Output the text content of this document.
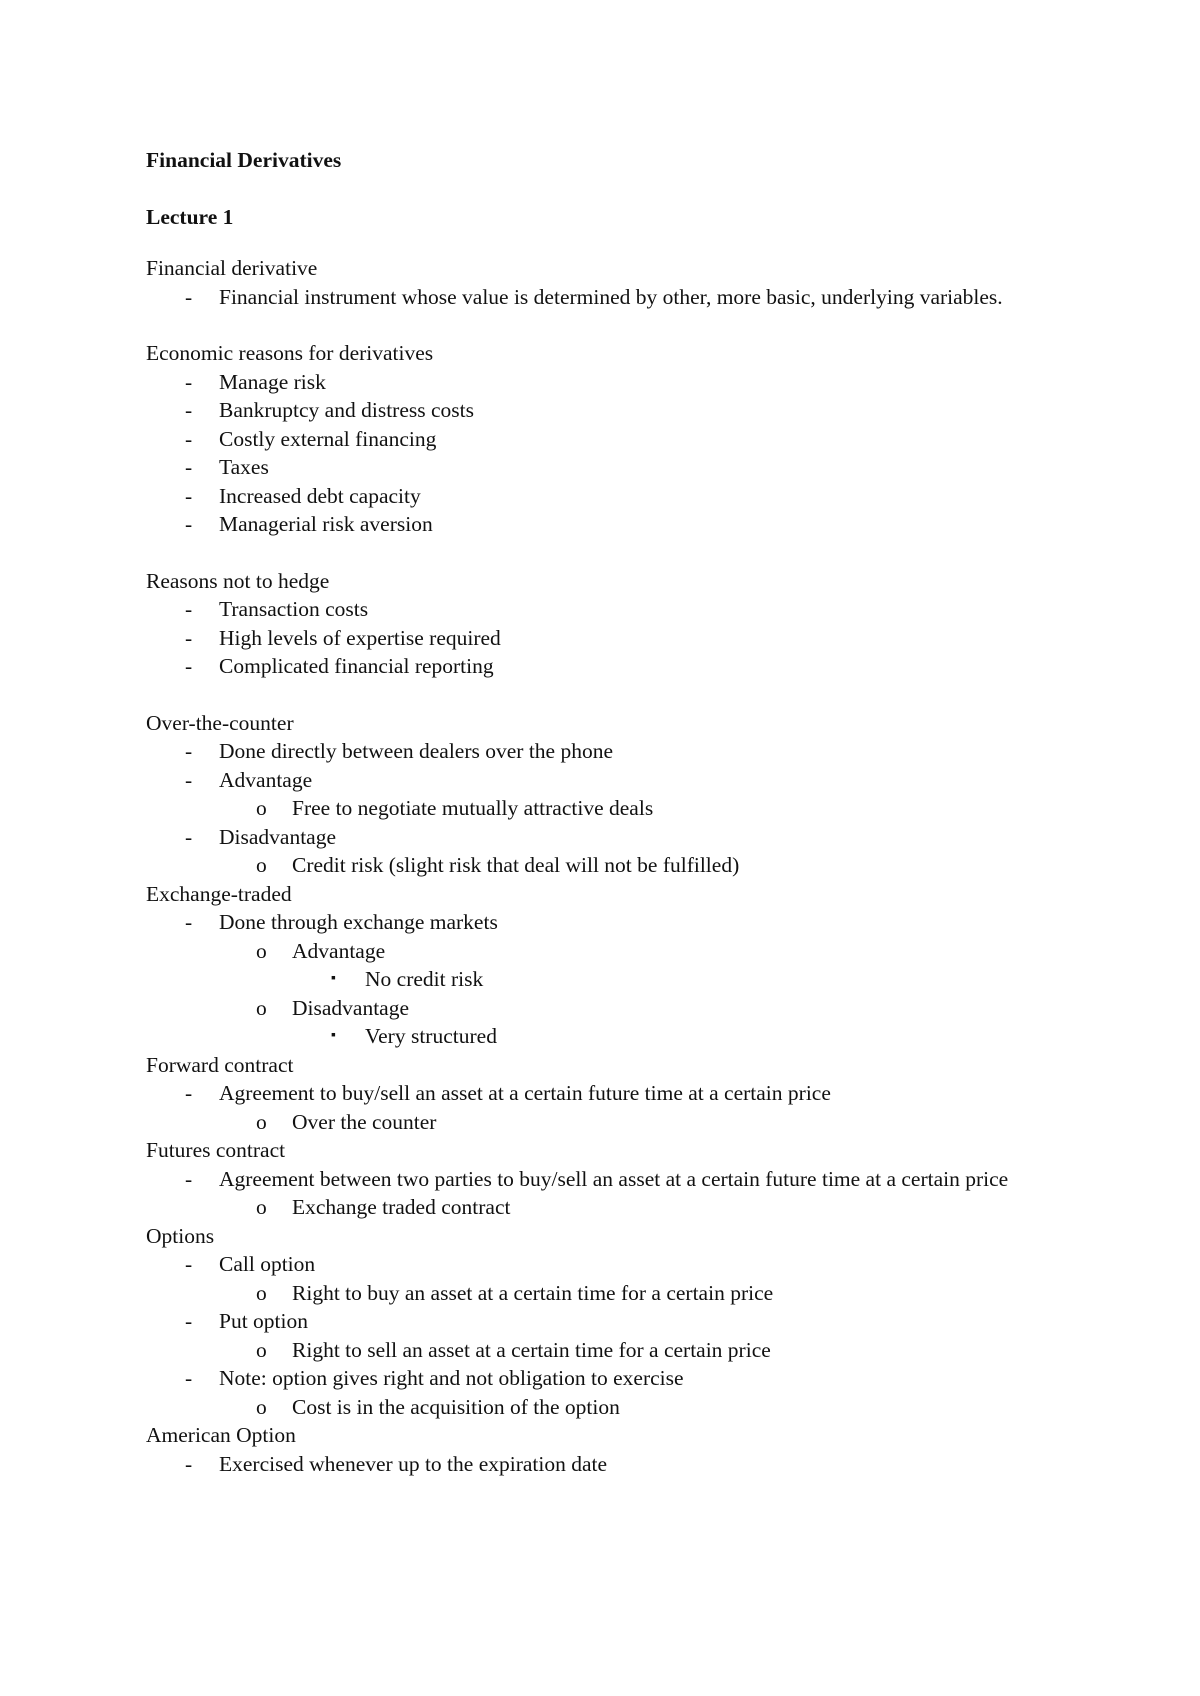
Financial Derivatives
Lecture 1
Financial derivative
- Financial instrument whose value is determined by other, more basic, underlying variables.
Economic reasons for derivatives
- Manage risk
- Bankruptcy and distress costs
- Costly external financing
- Taxes
- Increased debt capacity
- Managerial risk aversion
Reasons not to hedge
- Transaction costs
- High levels of expertise required
- Complicated financial reporting
Over-the-counter
- Done directly between dealers over the phone
- Advantage
o Free to negotiate mutually attractive deals
- Disadvantage
o Credit risk (slight risk that deal will not be fulfilled)
Exchange-traded
- Done through exchange markets
o Advantage
▪ No credit risk
o Disadvantage
▪ Very structured
Forward contract
- Agreement to buy/sell an asset at a certain future time at a certain price
o Over the counter
Futures contract
- Agreement between two parties to buy/sell an asset at a certain future time at a certain price
o Exchange traded contract
Options
- Call option
o Right to buy an asset at a certain time for a certain price
- Put option
o Right to sell an asset at a certain time for a certain price
- Note: option gives right and not obligation to exercise
o Cost is in the acquisition of the option
American Option
- Exercised whenever up to the expiration date
